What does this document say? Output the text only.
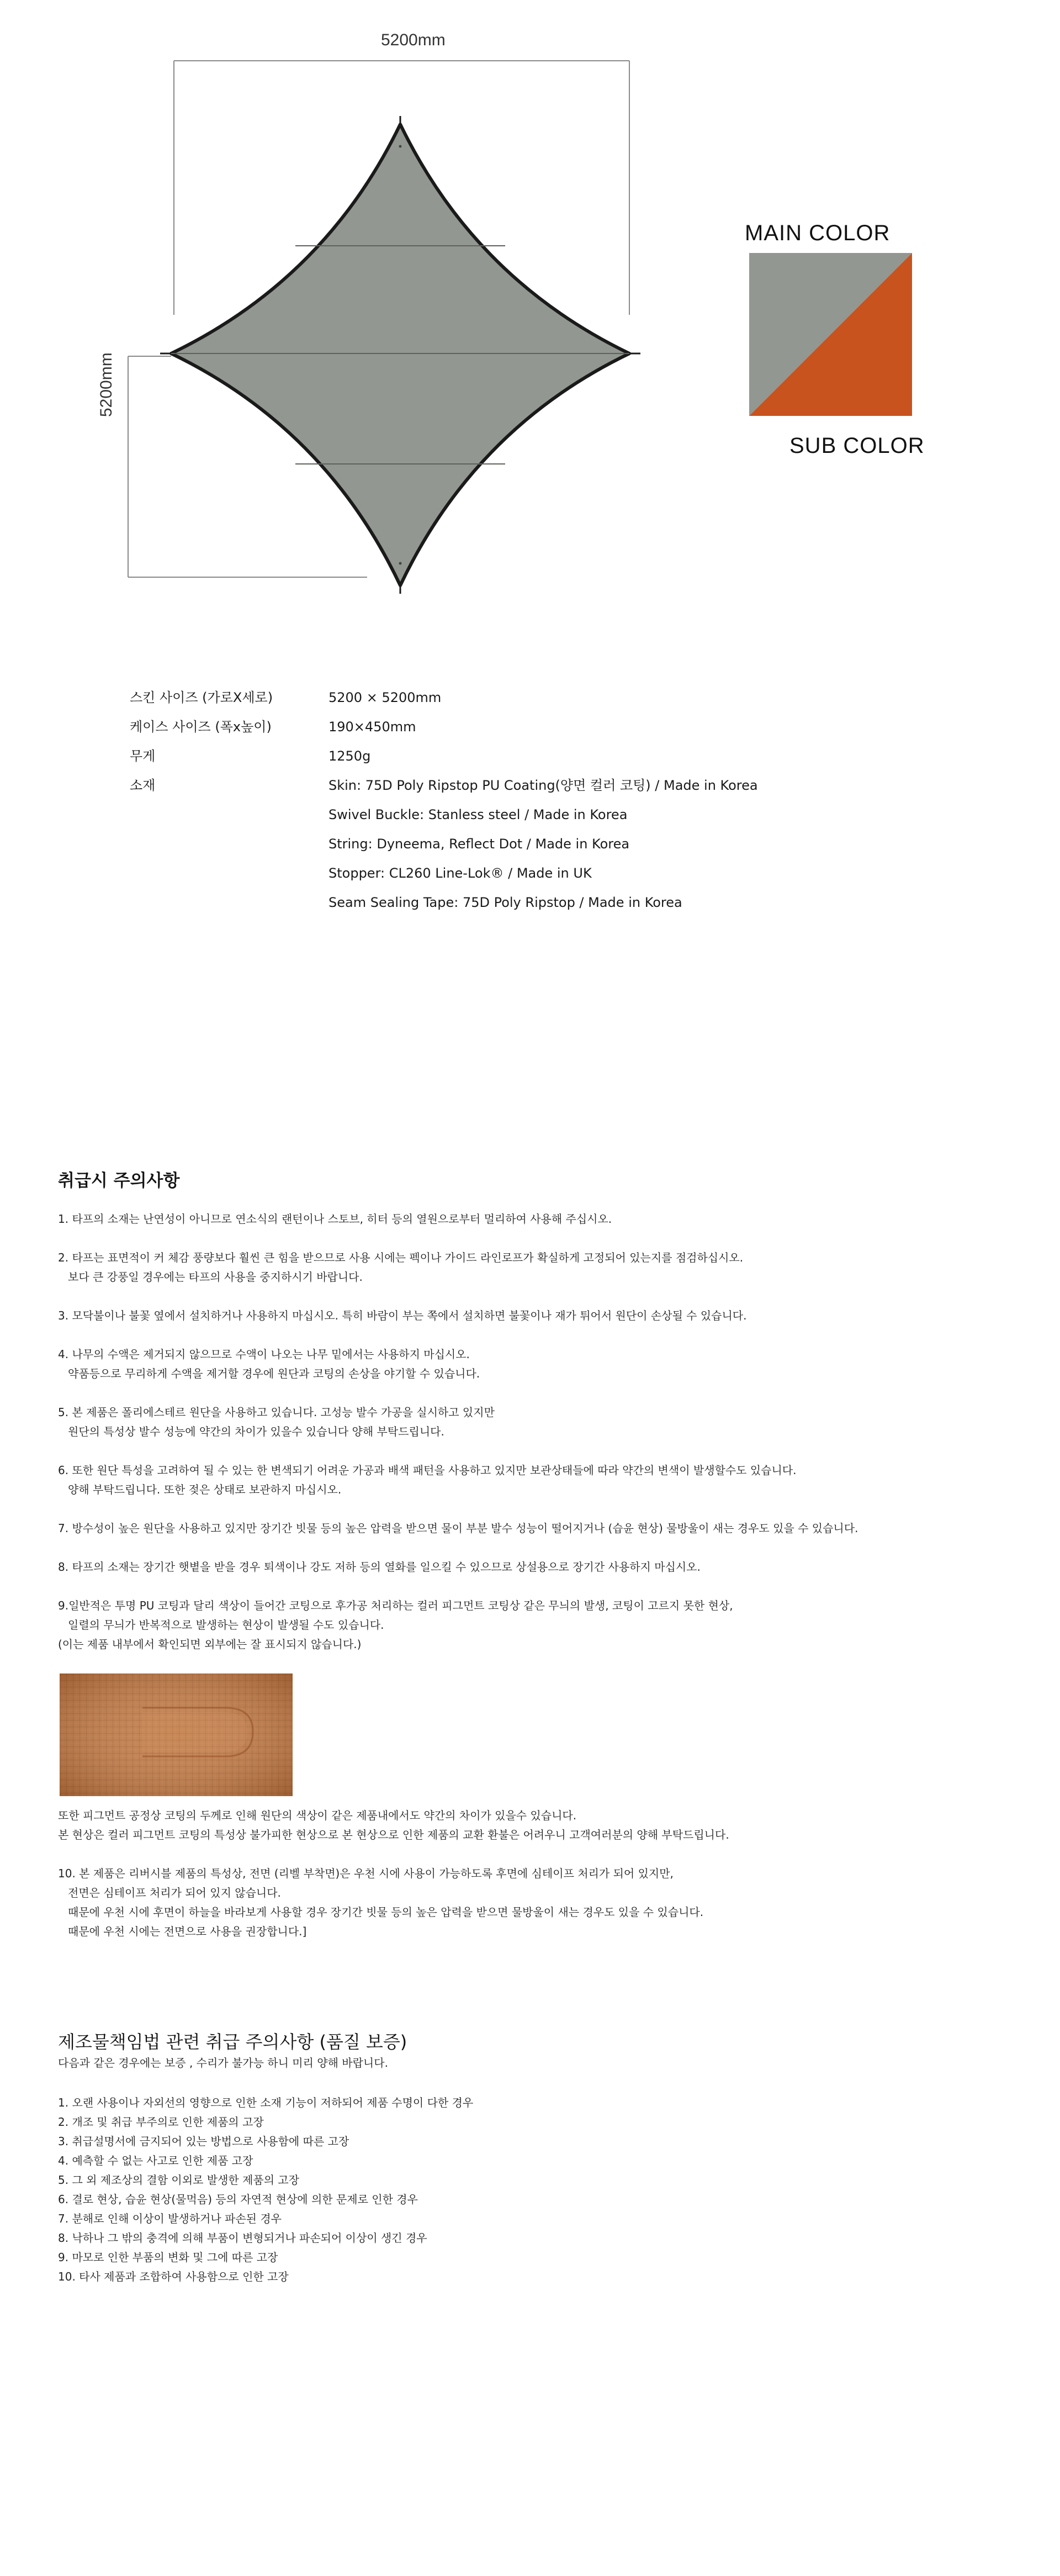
5200mm
5200mm
MAIN COLOR
SUB COLOR
스킨 사이즈 (가로X세로)	5200 × 5200mm
케이스 사이즈 (폭x높이)	190×450mm
무게	1250g
소재	Skin: 75D Poly Ripstop PU Coating(양면 컬러 코팅) / Made in Korea
Swivel Buckle: Stanless steel / Made in Korea
String: Dyneema, Reflect Dot / Made in Korea
Stopper: CL260 Line-Lok® / Made in UK
Seam Sealing Tape: 75D Poly Ripstop / Made in Korea
취급시 주의사항
1. 타프의 소재는 난연성이 아니므로 연소식의 랜턴이나 스토브, 히터 등의 열원으로부터 멀리하여 사용해 주십시오.
2. 타프는 표면적이 커 체감 풍량보다 훨씬 큰 힘을 받으므로 사용 시에는 펙이나 가이드 라인로프가 확실하게 고정되어 있는지를 점검하십시오.
보다 큰 강풍일 경우에는 타프의 사용을 중지하시기 바랍니다.
3. 모닥불이나 불꽃 옆에서 설치하거나 사용하지 마십시오. 특히 바람이 부는 쪽에서 설치하면 불꽃이나 재가 튀어서 원단이 손상될 수 있습니다.
4. 나무의 수액은 제거되지 않으므로 수액이 나오는 나무 밑에서는 사용하지 마십시오.
약품등으로 무리하게 수액을 제거할 경우에 원단과 코팅의 손상을 야기할 수 있습니다.
5. 본 제품은 폴리에스테르 원단을 사용하고 있습니다. 고성능 발수 가공을 실시하고 있지만
원단의 특성상 발수 성능에 약간의 차이가 있을수 있습니다 양해 부탁드립니다.
6. 또한 원단 특성을 고려하여 될 수 있는 한 변색되기 어려운 가공과 배색 패턴을 사용하고 있지만 보관상태들에 따라 약간의 변색이 발생할수도 있습니다.
양해 부탁드립니다. 또한 젖은 상태로 보관하지 마십시오.
7. 방수성이 높은 원단을 사용하고 있지만 장기간 빗물 등의 높은 압력을 받으면 물이 부분 발수 성능이 떨어지거나 (습윤 현상) 물방울이 새는 경우도 있을 수 있습니다.
8. 타프의 소재는 장기간 햇볕을 받을 경우 퇴색이나 강도 저하 등의 열화를 일으킬 수 있으므로 상설용으로 장기간 사용하지 마십시오.
9.일반적은 투명 PU 코팅과 달리 색상이 들어간 코팅으로 후가공 처리하는 컬러 피그먼트 코팅상 같은 무늬의 발생, 코팅이 고르지 못한 현상,
일렬의 무늬가 반복적으로 발생하는 현상이 발생될 수도 있습니다.
(이는 제품 내부에서 확인되면 외부에는 잘 표시되지 않습니다.)
또한 피그먼트 공정상 코팅의 두께로 인해 원단의 색상이 같은 제품내에서도 약간의 차이가 있을수 있습니다.
본 현상은 컬러 피그먼트 코팅의 특성상 불가피한 현상으로 본 현상으로 인한 제품의 교환 환불은 어려우니 고객여러분의 양해 부탁드립니다.
10. 본 제품은 리버시블 제품의 특성상, 전면 (리벨 부착면)은 우천 시에 사용이 가능하도록 후면에 심테이프 처리가 되어 있지만,
전면은 심테이프 처리가 되어 있지 않습니다.
때문에 우천 시에 후면이 하늘을 바라보게 사용할 경우 장기간 빗물 등의 높은 압력을 받으면 물방울이 새는 경우도 있을 수 있습니다.
때문에 우천 시에는 전면으로 사용을 권장합니다.]
제조물책임법 관련 취급 주의사항 (품질 보증)
다음과 같은 경우에는 보증 , 수리가 불가능 하니 미리 양해 바랍니다.
1. 오랜 사용이나 자외선의 영향으로 인한 소재 기능이 저하되어 제품 수명이 다한 경우
2. 개조 및 취급 부주의로 인한 제품의 고장
3. 취급설명서에 금지되어 있는 방법으로 사용함에 따른 고장
4. 예측할 수 없는 사고로 인한 제품 고장
5. 그 외 제조상의 결함 이외로 발생한 제품의 고장
6. 결로 현상, 습윤 현상(물먹음) 등의 자연적 현상에 의한 문제로 인한 경우
7. 분해로 인해 이상이 발생하거나 파손된 경우
8. 낙하나 그 밖의 충격에 의해 부품이 변형되거나 파손되어 이상이 생긴 경우
9. 마모로 인한 부품의 변화 및 그에 따른 고장
10. 타사 제품과 조합하여 사용함으로 인한 고장
